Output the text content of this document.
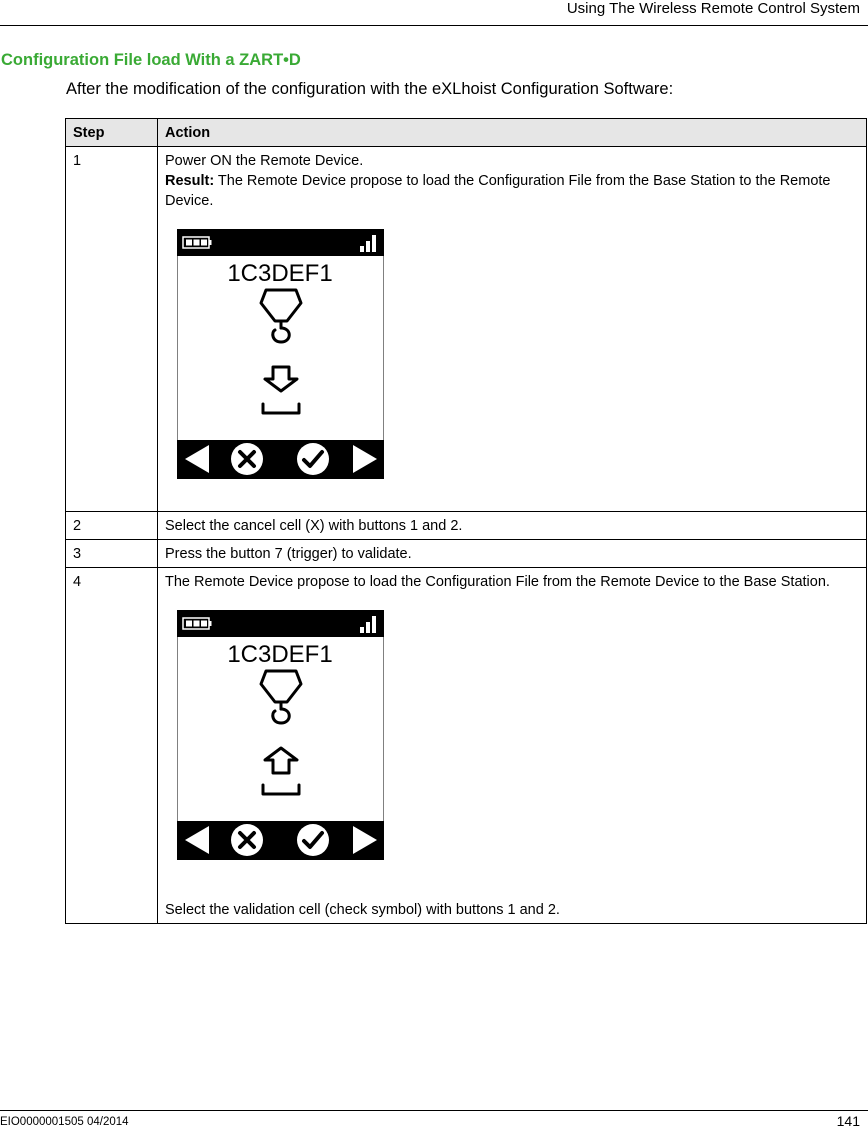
Using The Wireless Remote Control System
Configuration File load With a ZART•D
After the modification of the configuration with the eXLhoist Configuration Software:
Step	Action
1	Power ON the Remote Device.
Result: The Remote Device propose to load the Configuration File from the Base Station to the Remote Device.
1C3DEF1

2	Select the cancel cell (X) with buttons 1 and 2.
3	Press the button 7 (trigger) to validate.
4	The Remote Device propose to load the Configuration File from the Remote Device to the Base Station.
1C3DEF1
Select the validation cell (check symbol) with buttons 1 and 2.
EIO0000001505 04/2014	141
